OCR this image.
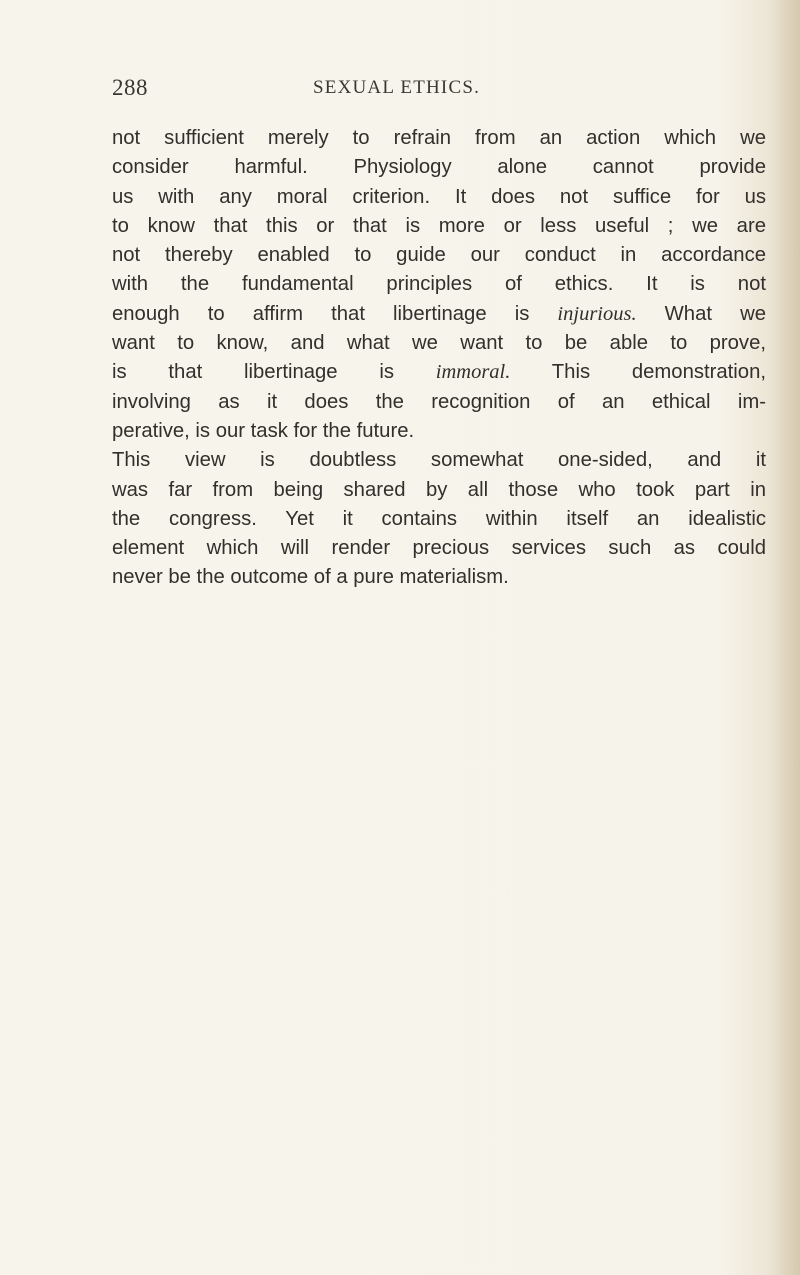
288	SEXUAL ETHICS.
not sufficient merely to refrain from an action which we
consider harmful. Physiology alone cannot provide
us with any moral criterion. It does not suffice for us
to know that this or that is more or less useful ; we are
not thereby enabled to guide our conduct in accordance
with the fundamental principles of ethics. It is not
enough to affirm that libertinage is injurious. What we
want to know, and what we want to be able to prove,
is that libertinage is immoral. This demonstration,
involving as it does the recognition of an ethical im-
perative, is our task for the future.
This view is doubtless somewhat one-sided, and it
was far from being shared by all those who took part in
the congress. Yet it contains within itself an idealistic
element which will render precious services such as could
never be the outcome of a pure materialism.
